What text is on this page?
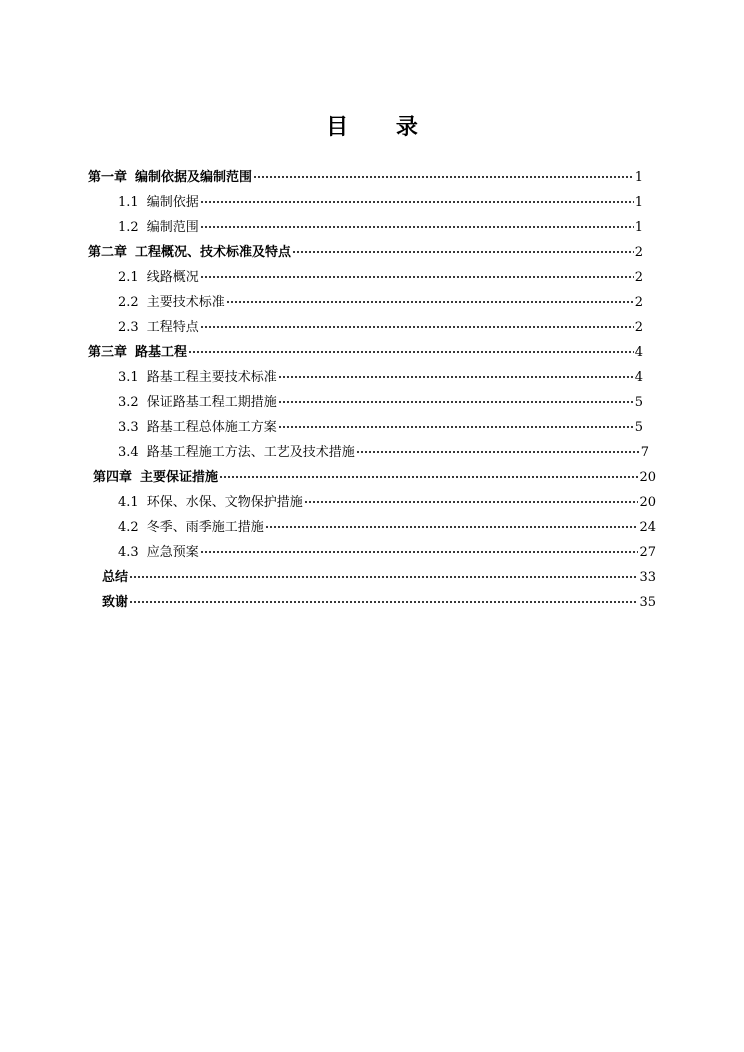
目 录
第一章 编制依据及编制范围	1
1.1 编制依据	1
1.2 编制范围	1
第二章 工程概况、技术标准及特点	2
2.1 线路概况	2
2.2 主要技术标准	2
2.3 工程特点	2
第三章 路基工程	4
3.1 路基工程主要技术标准	4
3.2 保证路基工程工期措施	5
3.3 路基工程总体施工方案	5
3.4 路基工程施工方法、工艺及技术措施	7
第四章 主要保证措施	20
4.1 环保、水保、文物保护措施	20
4.2 冬季、雨季施工措施	24
4.3 应急预案	27
总结	33
致谢	35
